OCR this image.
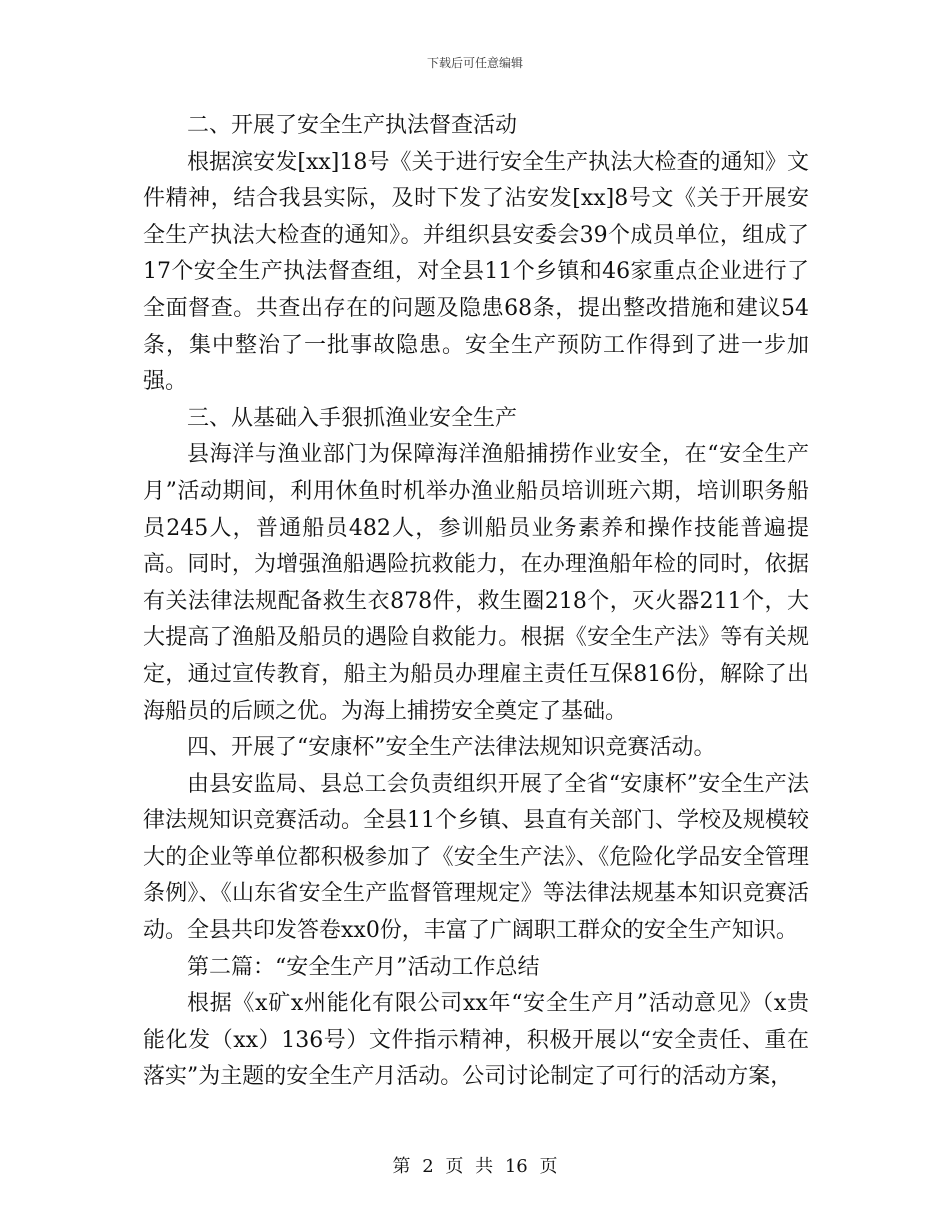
下载后可任意编辑

二、开展了安全生产执法督查活动

根据滨安发[xx]18号《关于进行安全生产执法大检查的通知》文件精神，结合我县实际，及时下发了沾安发[xx]8号文《关于开展安全生产执法大检查的通知》。并组织县安委会39个成员单位，组成了17个安全生产执法督查组，对全县11个乡镇和46家重点企业进行了全面督查。共查出存在的问题及隐患68条，提出整改措施和建议54条，集中整治了一批事故隐患。安全生产预防工作得到了进一步加强。

三、从基础入手狠抓渔业安全生产

县海洋与渔业部门为保障海洋渔船捕捞作业安全，在“安全生产月”活动期间，利用休鱼时机举办渔业船员培训班六期，培训职务船员245人，普通船员482人，参训船员业务素养和操作技能普遍提高。同时，为增强渔船遇险抗救能力，在办理渔船年检的同时，依据有关法律法规配备救生衣878件，救生圈218个，灭火器211个，大大提高了渔船及船员的遇险自救能力。根据《安全生产法》等有关规定，通过宣传教育，船主为船员办理雇主责任互保816份，解除了出海船员的后顾之优。为海上捕捞安全奠定了基础。

四、开展了“安康杯”安全生产法律法规知识竞赛活动。

由县安监局、县总工会负责组织开展了全省“安康杯”安全生产法律法规知识竞赛活动。全县11个乡镇、县直有关部门、学校及规模较大的企业等单位都积极参加了《安全生产法》、《危险化学品安全管理条例》、《山东省安全生产监督管理规定》等法律法规基本知识竞赛活动。全县共印发答卷xx0份，丰富了广阔职工群众的安全生产知识。

第二篇：“安全生产月”活动工作总结

根据《x矿x州能化有限公司xx年“安全生产月”活动意见》（x贵能化发（xx）136号）文件指示精神，积极开展以“安全责任、重在落实”为主题的安全生产月活动。公司讨论制定了可行的活动方案，

第 2 页 共 16 页
